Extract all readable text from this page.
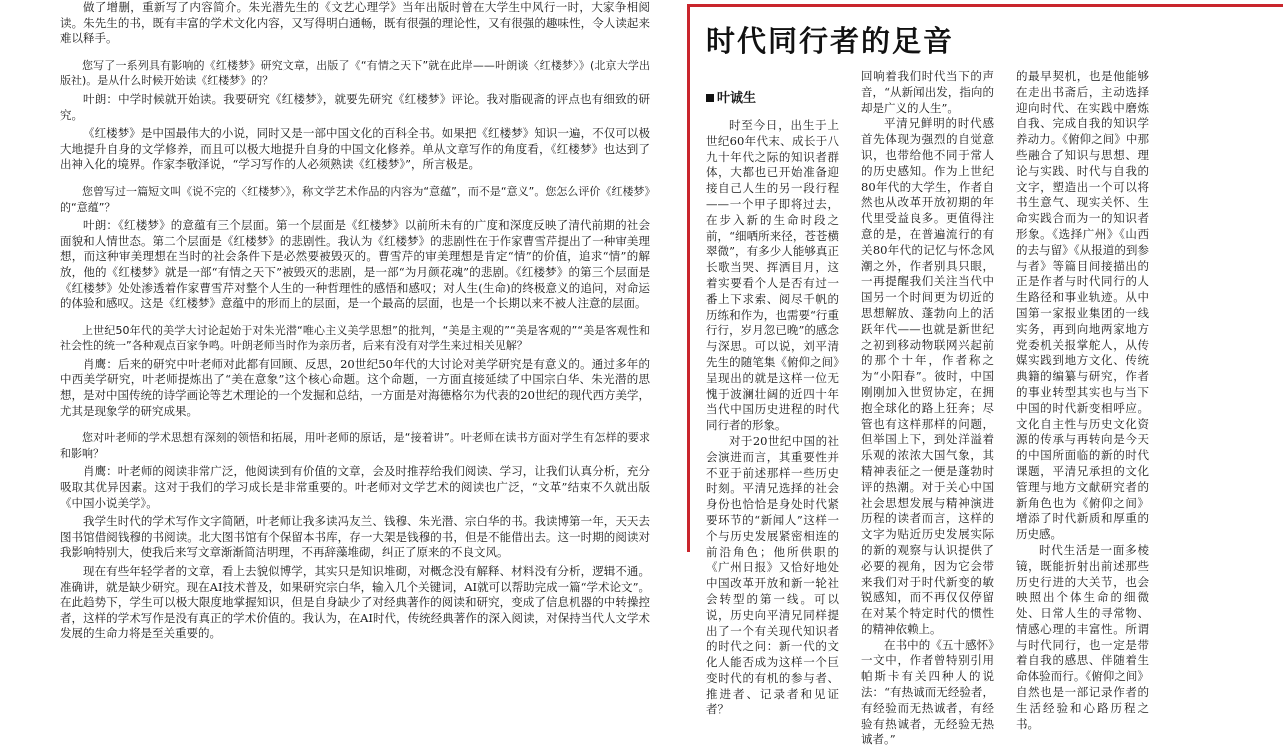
做了增删，重新写了内容简介。朱光潜先生的《文艺心理学》当年出版时曾在大学生中风行一时，大家争相阅读。朱先生的书，既有丰富的学术文化内容，又写得明白通畅，既有很强的理论性，又有很强的趣味性，令人读起来难以释手。

您写了一系列具有影响的《红楼梦》研究文章，出版了《“有情之天下”就在此岸——叶朗谈〈红楼梦〉》(北京大学出版社)。是从什么时候开始读《红楼梦》的？

叶朗：中学时候就开始读。我要研究《红楼梦》，就要先研究《红楼梦》评论。我对脂砚斋的评点也有细致的研究。

《红楼梦》是中国最伟大的小说，同时又是一部中国文化的百科全书。如果把《红楼梦》知识一遍，不仅可以极大地提升自身的文学修养，而且可以极大地提升自身的中国文化修养。单从文章写作的角度看，《红楼梦》也达到了出神入化的境界。作家李敬泽说，“学习写作的人必须熟读《红楼梦》”，所言极是。

您曾写过一篇短文叫《说不完的〈红楼梦〉》，称文学艺术作品的内容为“意蕴”，而不是“意义”。您怎么评价《红楼梦》的“意蕴”？

叶朗：《红楼梦》的意蕴有三个层面。第一个层面是《红楼梦》以前所未有的广度和深度反映了清代前期的社会面貌和人情世态。第二个层面是《红楼梦》的悲剧性。我认为《红楼梦》的悲剧性在于作家曹雪芹提出了一种审美理想，而这种审美理想在当时的社会条件下是必然要被毁灭的。曹雪芹的审美理想是肯定“情”的价值，追求“情”的解放，他的《红楼梦》就是一部“有情之天下”被毁灭的悲剧，是一部“为月颜花魂”的悲剧。《红楼梦》的第三个层面是《红楼梦》处处渗透着作家曹雪芹对整个人生的一种哲理性的感悟和感叹；对人生(生命)的终极意义的追问，对命运的体验和感叹。这是《红楼梦》意蕴中的形而上的层面，是一个最高的层面，也是一个长期以来不被人注意的层面。

上世纪50年代的美学大讨论起始于对朱光潜“唯心主义美学思想”的批判，“美是主观的”“美是客观的”“美是客观性和社会性的统一”各种观点百家争鸣。叶朗老师当时作为亲历者，后来有没有对学生来过相关见解？

肖鹰：后来的研究中叶老师对此都有回顾、反思，20世纪50年代的大讨论对美学研究是有意义的。通过多年的中西美学研究，叶老师提炼出了“美在意象”这个核心命题。这个命题，一方面直接延续了中国宗白华、朱光潜的思想，是对中国传统的诗学画论等艺术理论的一个发掘和总结，一方面是对海德格尔为代表的20世纪的现代西方美学，尤其是现象学的研究成果。

您对叶老师的学术思想有深刻的领悟和拓展，用叶老师的原话，是“接着讲”。叶老师在读书方面对学生有怎样的要求和影响？

肖鹰：叶老师的阅读非常广泛，他阅读到有价值的文章，会及时推荐给我们阅读、学习，让我们认真分析，充分吸取其优异因素。这对于我们的学习成长是非常重要的。叶老师对文学艺术的阅读也广泛，“文革”结束不久就出版《中国小说美学》。

我学生时代的学术写作文字简陋，叶老师让我多读冯友兰、钱穆、朱光潜、宗白华的书。我读博第一年，天天去图书馆借阅钱穆的书阅读。北大图书馆有个保留本书库，存一大架是钱穆的书，但是不能借出去。这一时期的阅读对我影响特别大，使我后来写文章渐渐简洁明理，不再辞藻堆砌，纠正了原来的不良文风。

现在有些年轻学者的文章，看上去貌似博学，其实只是知识堆砌，对概念没有解释、材料没有分析，逻辑不通。准确讲，就是缺少研究。现在AI技术普及，如果研究宗白华，输入几个关键词，AI就可以帮助完成一篇“学术论文”。在此趋势下，学生可以极大限度地掌握知识，但是自身缺少了对经典著作的阅读和研究，变成了信息机器的中转操控者，这样的学术写作是没有真正的学术价值的。我认为，在AI时代，传统经典著作的深入阅读，对保持当代人文学术发展的生命力将是至关重要的。

时代同行者的足音
叶诚生

时至今日，出生于上世纪60年代末、成长于八九十年代之际的知识者群体，大都也已开始准备迎接自己人生的另一段行程——一个甲子即将过去，在步入新的生命时段之前，“细哂所来径，苍苍横翠微”，有多少人能够真正长歌当哭、挥洒目月，这着实要看个人是否有过一番上下求索、阅尽千帆的历练和作为，也需要“行重行行，岁月忽已晚”的感念与深思。可以说，刘平清先生的随笔集《俯仰之间》呈现出的就是这样一位无愧于波澜壮阔的近四十年当代中国历史进程的时代同行者的形象。

对于20世纪中国的社会演进而言，其重要性并不亚于前述那样一些历史时刻。平清兄选择的社会身份也恰恰是身处时代紧要环节的“新闻人”这样一个与历史发展紧密相连的前沿角色；他所供职的《广州日报》又恰好地处中国改革开放和新一轮社会转型的第一线。可以说，历史向平清兄同样提出了一个有关现代知识者的时代之问：新一代的文化人能否成为这样一个巨变时代的有机的参与者、推进者、记录者和见证者？

回响着我们时代当下的声音，“从新闻出发，指向的却是广义的人生”。

平清兄鲜明的时代感首先体现为强烈的自觉意识，也带给他不同于常人的历史感知。作为上世纪80年代的大学生，作者自然也从改革开放初期的年代里受益良多。更值得注意的是，在普遍流行的有关80年代的记忆与怀念风潮之外，作者别具只眼，一再提醒我们关注当代中国另一个时间更为切近的思想解放、蓬勃向上的活跃年代——也就是新世纪之初到移动物联网兴起前的那个十年，作者称之为“小阳春”。彼时，中国刚刚加入世贸协定，在拥抱全球化的路上狂奔；尽管也有这样那样的问题，但举国上下，到处洋溢着乐观的浓浓大国气象，其精神表征之一便是蓬勃时评的热潮。对于关心中国社会思想发展与精神演进历程的读者而言，这样的文字为贴近历史发展实际的新的观察与认识提供了必要的视角，因为它会带来我们对于时代新变的敏锐感知，而不再仅仅停留在对某个特定时代的惯性的精神依赖上。

在书中的《五十感怀》一文中，作者曾特别引用帕斯卡有关四种人的说法：“有热诚而无经验者，有经验而无热诚者，有经验有热诚者，无经验无热诚者。”

的最早契机，也是他能够在走出书斋后，主动选择迎向时代、在实践中磨炼自我、完成自我的知识学养动力。《俯仰之间》中那些融合了知识与思想、理论与实践、时代与自我的文字，塑造出一个可以将书生意气、现实关怀、生命实践合而为一的知识者形象。《选择广州》《山西的去与留》《从报道的到参与者》等篇目间接描出的正是作者与时代同行的人生路径和事业轨迹。从中国第一家报业集团的一线实务，再到向地两家地方党委机关报掌舵人，从传媒实践到地方文化、传统典籍的编纂与研究，作者的事业转型其实也与当下中国的时代新变相呼应。文化自主性与历史文化资源的传承与再转向是今天的中国所面临的新的时代课题，平清兄承担的文化管理与地方文献研究者的新角色也为《俯仰之间》增添了时代新质和厚重的历史感。

时代生活是一面多棱镜，既能折射出前述那些历史行进的大关节，也会映照出个体生命的细微处、日常人生的寻常物、情感心理的丰富性。所谓与时代同行，也一定是带着自我的感思、伴随着生命体验而行。《俯仰之间》自然也是一部记录作者的生活经验和心路历程之书。
